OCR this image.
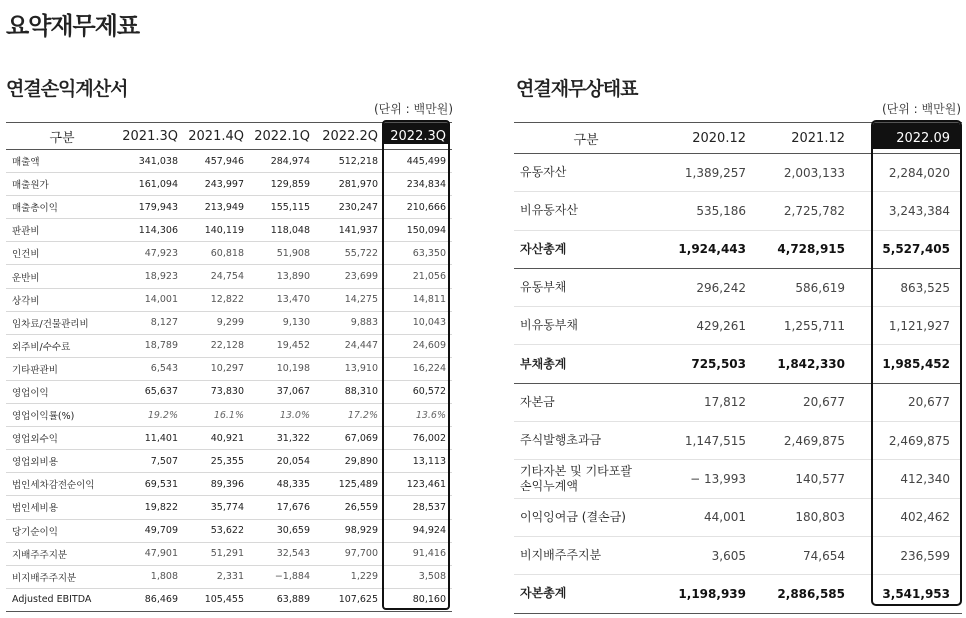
요약재무제표
연결손익계산서
(단위 : 백만원)
연결재무상태표
(단위 : 백만원)
구분	2021.3Q	2021.4Q	2022.1Q	2022.2Q	2022.3Q
매출액	341,038	457,946	284,974	512,218	445,499
매출원가	161,094	243,997	129,859	281,970	234,834
매출총이익	179,943	213,949	155,115	230,247	210,666
판관비	114,306	140,119	118,048	141,937	150,094
인건비	47,923	60,818	51,908	55,722	63,350
운반비	18,923	24,754	13,890	23,699	21,056
상각비	14,001	12,822	13,470	14,275	14,811
임차료/건물관리비	8,127	9,299	9,130	9,883	10,043
외주비/수수료	18,789	22,128	19,452	24,447	24,609
기타판관비	6,543	10,297	10,198	13,910	16,224
영업이익	65,637	73,830	37,067	88,310	60,572
영업이익률(%)	19.2%	16.1%	13.0%	17.2%	13.6%
영업외수익	11,401	40,921	31,322	67,069	76,002
영업외비용	7,507	25,355	20,054	29,890	13,113
법인세차감전순이익	69,531	89,396	48,335	125,489	123,461
법인세비용	19,822	35,774	17,676	26,559	28,537
당기순이익	49,709	53,622	30,659	98,929	94,924
지배주주지분	47,901	51,291	32,543	97,700	91,416
비지배주주지분	1,808	2,331	−1,884	1,229	3,508
Adjusted EBITDA	86,469	105,455	63,889	107,625	80,160
구분	2020.12	2021.12	2022.09
유동자산	1,389,257	2,003,133	2,284,020
비유동자산	535,186	2,725,782	3,243,384
자산총계	1,924,443	4,728,915	5,527,405
유동부채	296,242	586,619	863,525
비유동부채	429,261	1,255,711	1,121,927
부채총계	725,503	1,842,330	1,985,452
자본금	17,812	20,677	20,677
주식발행초과금	1,147,515	2,469,875	2,469,875
기타자본 및 기타포괄
손익누계액	− 13,993	140,577	412,340
이익잉여금 (결손금)	44,001	180,803	402,462
비지배주주지분	3,605	74,654	236,599
자본총계	1,198,939	2,886,585	3,541,953
